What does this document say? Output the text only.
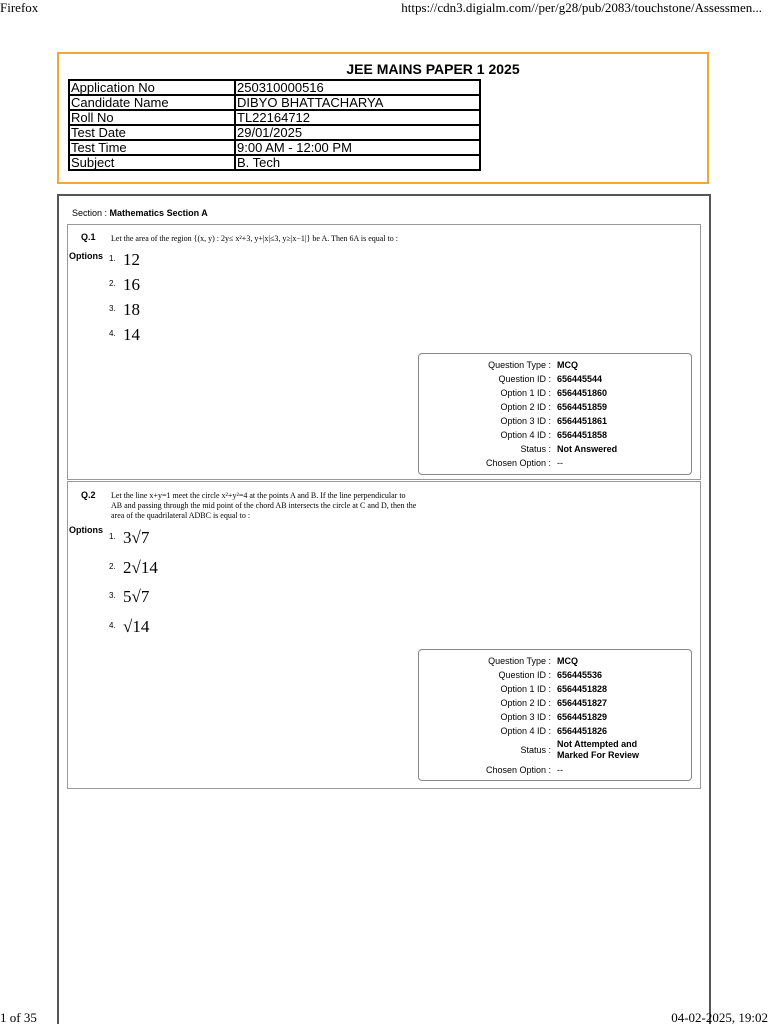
Firefox	https://cdn3.digialm.com//per/g28/pub/2083/touchstone/Assessmen...
JEE MAINS PAPER 1 2025
Application No	250310000516
Candidate Name	DIBYO BHATTACHARYA
Roll No	TL22164712
Test Date	29/01/2025
Test Time	9:00 AM - 12:00 PM
Subject	B. Tech
Section : Mathematics Section A
Q.1 Let the area of the region {(x, y) : 2y≤ x²+3, y+|x|≤3, y≥|x−1|} be A. Then 6A is equal to :
Options 1. 12
2. 16
3. 18
4. 14
Question Type : MCQ
Question ID : 656445544
Option 1 ID : 6564451860
Option 2 ID : 6564451859
Option 3 ID : 6564451861
Option 4 ID : 6564451858
Status : Not Answered
Chosen Option : --
Q.2 Let the line x+y=1 meet the circle x²+y²=4 at the points A and B. If the line perpendicular to
AB and passing through the mid point of the chord AB intersects the circle at C and D, then the
area of the quadrilateral ADBC is equal to :
Options
1. 3√7
2. 2√14
3. 5√7
4. √14
Question Type : MCQ
Question ID : 656445536
Option 1 ID : 6564451828
Option 2 ID : 6564451827
Option 3 ID : 6564451829
Option 4 ID : 6564451826
Status :
Not Attempted and
Marked For Review
Chosen Option : --
1 of 35	04-02-2025, 19:02
